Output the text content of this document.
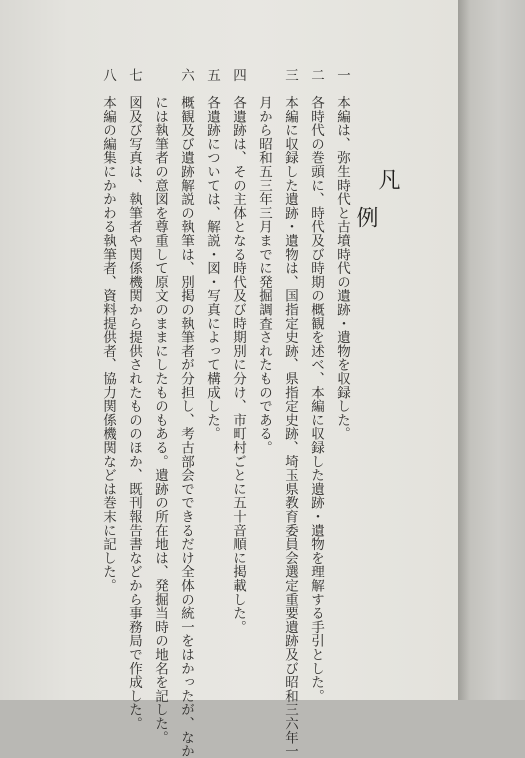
凡
例
一　本編は、弥生時代と古墳時代の遺跡・遺物を収録した。
二　各時代の巻頭に、時代及び時期の概観を述べ、本編に収録した遺跡・遺物を理解する手引とした。
三　本編に収録した遺跡・遺物は、国指定史跡、県指定史跡、埼玉県教育委員会選定重要遺跡及び昭和三六年一
　　月から昭和五三年三月までに発掘調査されたものである。
四　各遺跡は、その主体となる時代及び時期別に分け、市町村ごとに五十音順に掲載した。
五　各遺跡については、解説・図・写真によって構成した。
六　概観及び遺跡解説の執筆は、別掲の執筆者が分担し、考古部会でできるだけ全体の統一をはかったが、なか
　　には執筆者の意図を尊重して原文のままにしたものもある。遺跡の所在地は、発掘当時の地名を記した。
七　図及び写真は、執筆者や関係機関から提供されたもののほか、既刊報告書などから事務局で作成した。
八　本編の編集にかかわる執筆者、資料提供者、協力関係機関などは巻末に記した。
